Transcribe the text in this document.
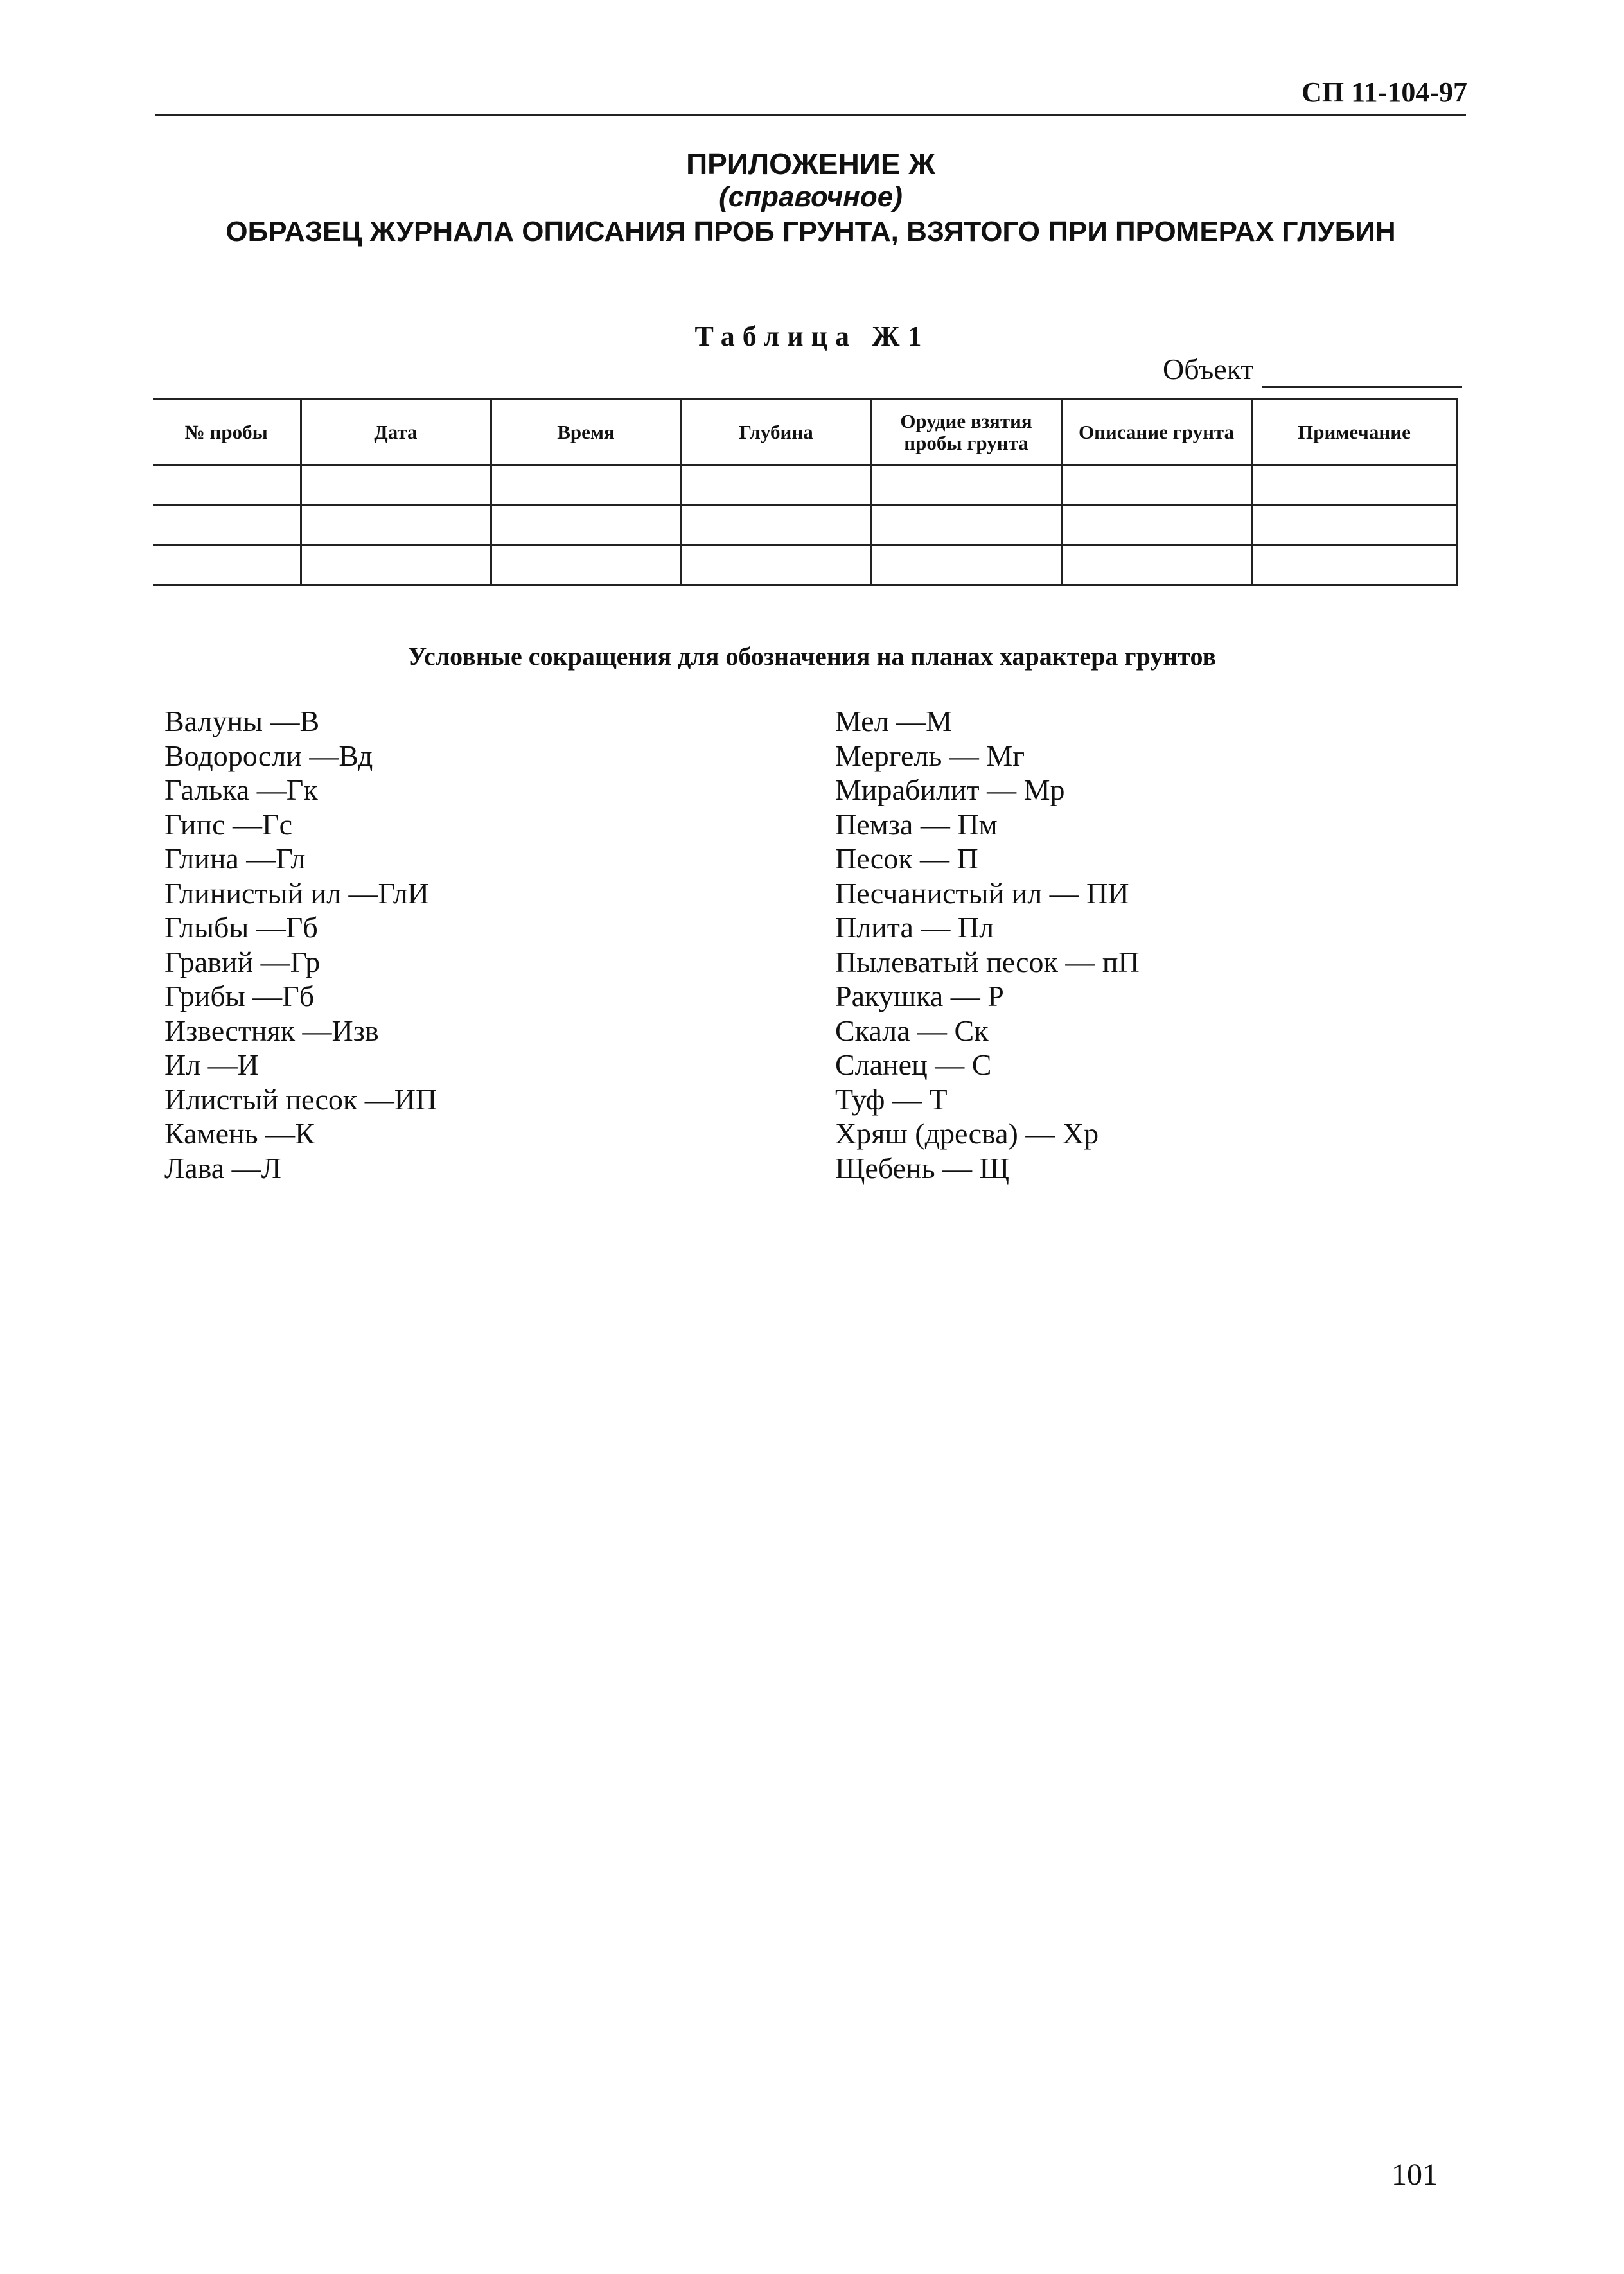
СП 11-104-97
ПРИЛОЖЕНИЕ Ж
(справочное)
ОБРАЗЕЦ ЖУРНАЛА ОПИСАНИЯ ПРОБ ГРУНТА, ВЗЯТОГО ПРИ ПРОМЕРАХ ГЛУБИН
Таблица Ж1
Объект
№ пробы	Дата	Время	Глубина	Орудие взятия пробы грунта	Описание грунта	Примечание

Условные сокращения для обозначения на планах характера грунтов
Валуны —В
Водоросли —Вд
Галька —Гк
Гипс —Гс
Глина —Гл
Глинистый ил —ГлИ
Глыбы —Гб
Гравий —Гр
Грибы —Гб
Известняк —Изв
Ил —И
Илистый песок —ИП
Камень —К
Лава —Л
Мел —М
Мергель — Мг
Мирабилит — Мр
Пемза — Пм
Песок — П
Песчанистый ил — ПИ
Плита — Пл
Пылеватый песок — пП
Ракушка — Р
Скала — Ск
Сланец — С
Туф — Т
Хряш (дресва) — Хр
Щебень — Щ
101
